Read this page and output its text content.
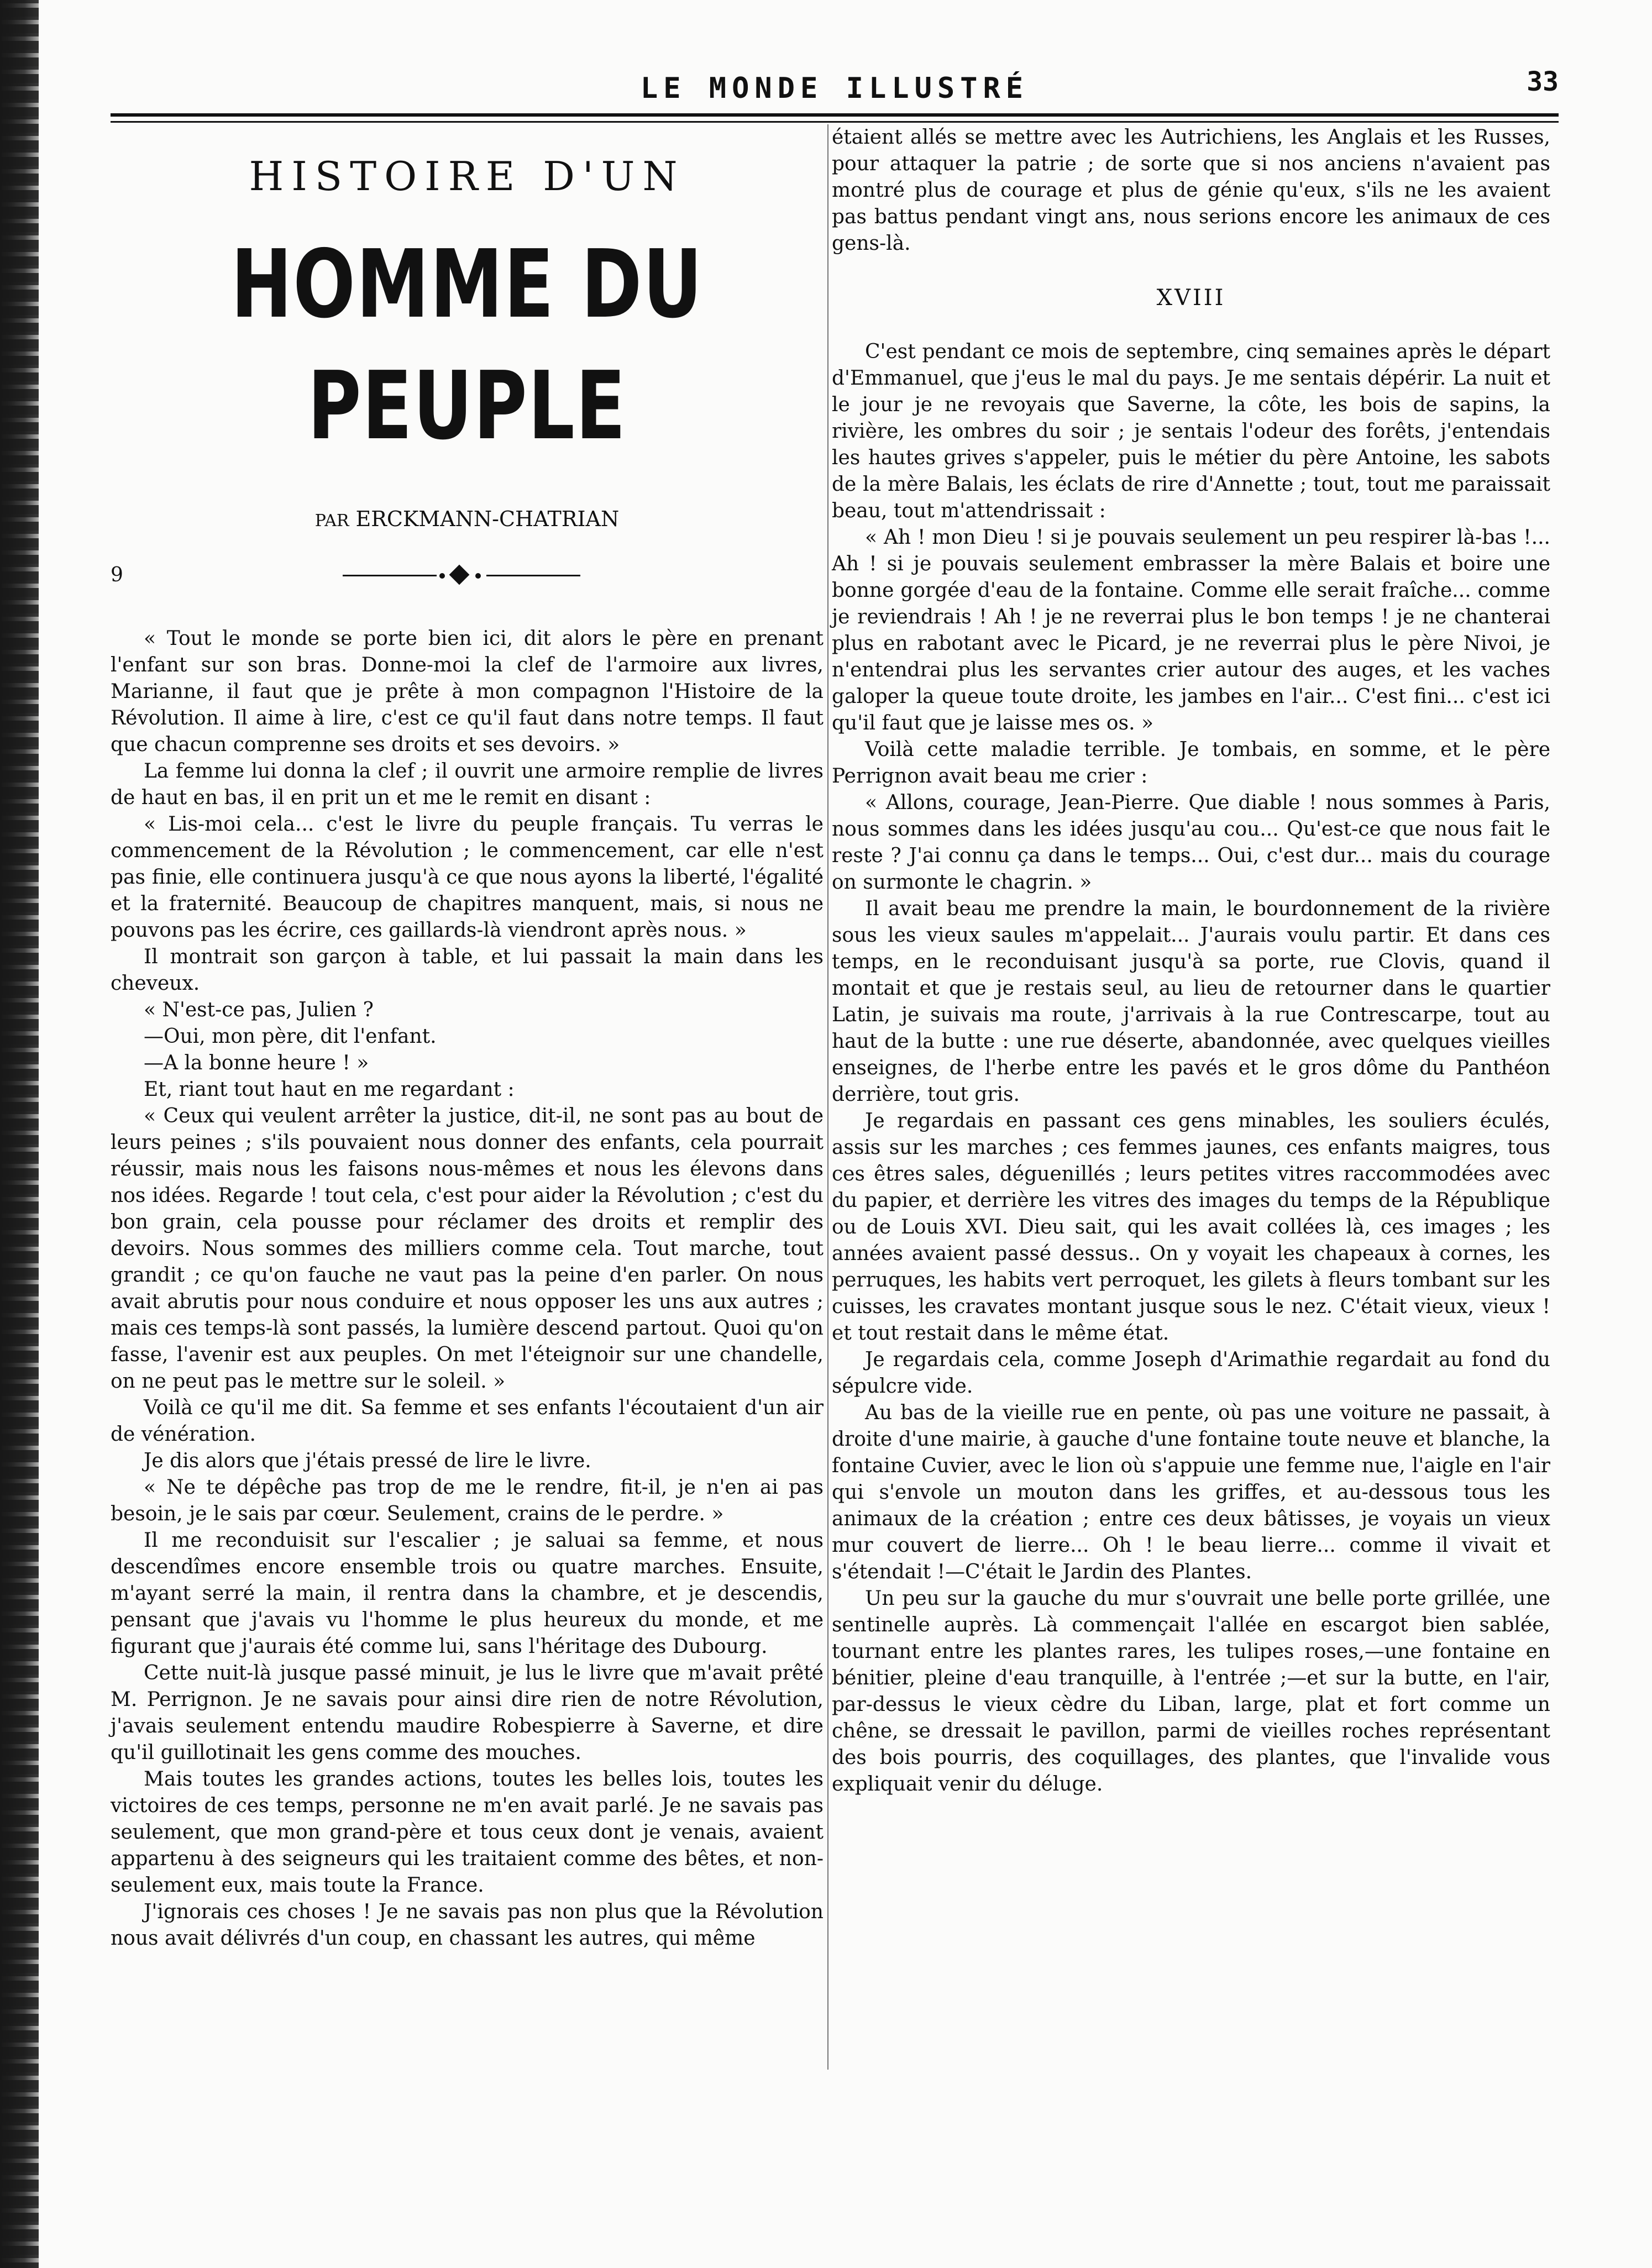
LE MONDE ILLUSTRÉ	33
HISTOIRE D'UN
HOMME DU PEUPLE
PAR ERCKMANN-CHATRIAN
9

« Tout le monde se porte bien ici, dit alors le père en prenant l'enfant sur son bras. Donne-moi la clef de l'armoire aux livres, Marianne, il faut que je prête à mon compagnon l'Histoire de la Révolution. Il aime à lire, c'est ce qu'il faut dans notre temps. Il faut que chacun comprenne ses droits et ses devoirs. »

La femme lui donna la clef ; il ouvrit une armoire remplie de livres de haut en bas, il en prit un et me le remit en disant :

« Lis-moi cela... c'est le livre du peuple français. Tu verras le commencement de la Révolution ; le commencement, car elle n'est pas finie, elle continuera jusqu'à ce que nous ayons la liberté, l'égalité et la fraternité. Beaucoup de chapitres manquent, mais, si nous ne pouvons pas les écrire, ces gaillards-là viendront après nous. »

Il montrait son garçon à table, et lui passait la main dans les cheveux.

« N'est-ce pas, Julien ?

—Oui, mon père, dit l'enfant.

—A la bonne heure ! »

Et, riant tout haut en me regardant :

« Ceux qui veulent arrêter la justice, dit-il, ne sont pas au bout de leurs peines ; s'ils pouvaient nous donner des enfants, cela pourrait réussir, mais nous les faisons nous-mêmes et nous les élevons dans nos idées. Regarde ! tout cela, c'est pour aider la Révolution ; c'est du bon grain, cela pousse pour réclamer des droits et remplir des devoirs. Nous sommes des milliers comme cela. Tout marche, tout grandit ; ce qu'on fauche ne vaut pas la peine d'en parler. On nous avait abrutis pour nous conduire et nous opposer les uns aux autres ; mais ces temps-là sont passés, la lumière descend partout. Quoi qu'on fasse, l'avenir est aux peuples. On met l'éteignoir sur une chandelle, on ne peut pas le mettre sur le soleil. »

Voilà ce qu'il me dit. Sa femme et ses enfants l'écoutaient d'un air de vénération.

Je dis alors que j'étais pressé de lire le livre.

« Ne te dépêche pas trop de me le rendre, fit-il, je n'en ai pas besoin, je le sais par cœur. Seulement, crains de le perdre. »

Il me reconduisit sur l'escalier ; je saluai sa femme, et nous descendîmes encore ensemble trois ou quatre marches. Ensuite, m'ayant serré la main, il rentra dans la chambre, et je descendis, pensant que j'avais vu l'homme le plus heureux du monde, et me figurant que j'aurais été comme lui, sans l'héritage des Dubourg.

Cette nuit-là jusque passé minuit, je lus le livre que m'avait prêté M. Perrignon. Je ne savais pour ainsi dire rien de notre Révolution, j'avais seulement entendu maudire Robespierre à Saverne, et dire qu'il guillotinait les gens comme des mouches.

Mais toutes les grandes actions, toutes les belles lois, toutes les victoires de ces temps, personne ne m'en avait parlé. Je ne savais pas seulement, que mon grand-père et tous ceux dont je venais, avaient appartenu à des seigneurs qui les traitaient comme des bêtes, et non-seulement eux, mais toute la France.

J'ignorais ces choses ! Je ne savais pas non plus que la Révolution nous avait délivrés d'un coup, en chassant les autres, qui même

étaient allés se mettre avec les Autrichiens, les Anglais et les Russes, pour attaquer la patrie ; de sorte que si nos anciens n'avaient pas montré plus de courage et plus de génie qu'eux, s'ils ne les avaient pas battus pendant vingt ans, nous serions encore les animaux de ces gens-là.

XVIII

C'est pendant ce mois de septembre, cinq semaines après le départ d'Emmanuel, que j'eus le mal du pays. Je me sentais dépérir. La nuit et le jour je ne revoyais que Saverne, la côte, les bois de sapins, la rivière, les ombres du soir ; je sentais l'odeur des forêts, j'entendais les hautes grives s'appeler, puis le métier du père Antoine, les sabots de la mère Balais, les éclats de rire d'Annette ; tout, tout me paraissait beau, tout m'attendrissait :

« Ah ! mon Dieu ! si je pouvais seulement un peu respirer là-bas !... Ah ! si je pouvais seulement embrasser la mère Balais et boire une bonne gorgée d'eau de la fontaine. Comme elle serait fraîche... comme je reviendrais ! Ah ! je ne reverrai plus le bon temps ! je ne chanterai plus en rabotant avec le Picard, je ne reverrai plus le père Nivoi, je n'entendrai plus les servantes crier autour des auges, et les vaches galoper la queue toute droite, les jambes en l'air... C'est fini... c'est ici qu'il faut que je laisse mes os. »

Voilà cette maladie terrible. Je tombais, en somme, et le père Perrignon avait beau me crier :

« Allons, courage, Jean-Pierre. Que diable ! nous sommes à Paris, nous sommes dans les idées jusqu'au cou... Qu'est-ce que nous fait le reste ? J'ai connu ça dans le temps... Oui, c'est dur... mais du courage on surmonte le chagrin. »

Il avait beau me prendre la main, le bourdonnement de la rivière sous les vieux saules m'appelait... J'aurais voulu partir. Et dans ces temps, en le reconduisant jusqu'à sa porte, rue Clovis, quand il montait et que je restais seul, au lieu de retourner dans le quartier Latin, je suivais ma route, j'arrivais à la rue Contrescarpe, tout au haut de la butte : une rue déserte, abandonnée, avec quelques vieilles enseignes, de l'herbe entre les pavés et le gros dôme du Panthéon derrière, tout gris.

Je regardais en passant ces gens minables, les souliers éculés, assis sur les marches ; ces femmes jaunes, ces enfants maigres, tous ces êtres sales, déguenillés ; leurs petites vitres raccommodées avec du papier, et derrière les vitres des images du temps de la République ou de Louis XVI. Dieu sait, qui les avait collées là, ces images ; les années avaient passé dessus.. On y voyait les chapeaux à cornes, les perruques, les habits vert perroquet, les gilets à fleurs tombant sur les cuisses, les cravates montant jusque sous le nez. C'était vieux, vieux ! et tout restait dans le même état.

Je regardais cela, comme Joseph d'Arimathie regardait au fond du sépulcre vide.

Au bas de la vieille rue en pente, où pas une voiture ne passait, à droite d'une mairie, à gauche d'une fontaine toute neuve et blanche, la fontaine Cuvier, avec le lion où s'appuie une femme nue, l'aigle en l'air qui s'envole un mouton dans les griffes, et au-dessous tous les animaux de la création ; entre ces deux bâtisses, je voyais un vieux mur couvert de lierre... Oh ! le beau lierre... comme il vivait et s'étendait !—C'était le Jardin des Plantes.

Un peu sur la gauche du mur s'ouvrait une belle porte grillée, une sentinelle auprès. Là commençait l'allée en escargot bien sablée, tournant entre les plantes rares, les tulipes roses,—une fontaine en bénitier, pleine d'eau tranquille, à l'entrée ;—et sur la butte, en l'air, par-dessus le vieux cèdre du Liban, large, plat et fort comme un chêne, se dressait le pavillon, parmi de vieilles roches représentant des bois pourris, des coquillages, des plantes, que l'invalide vous expliquait venir du déluge.
